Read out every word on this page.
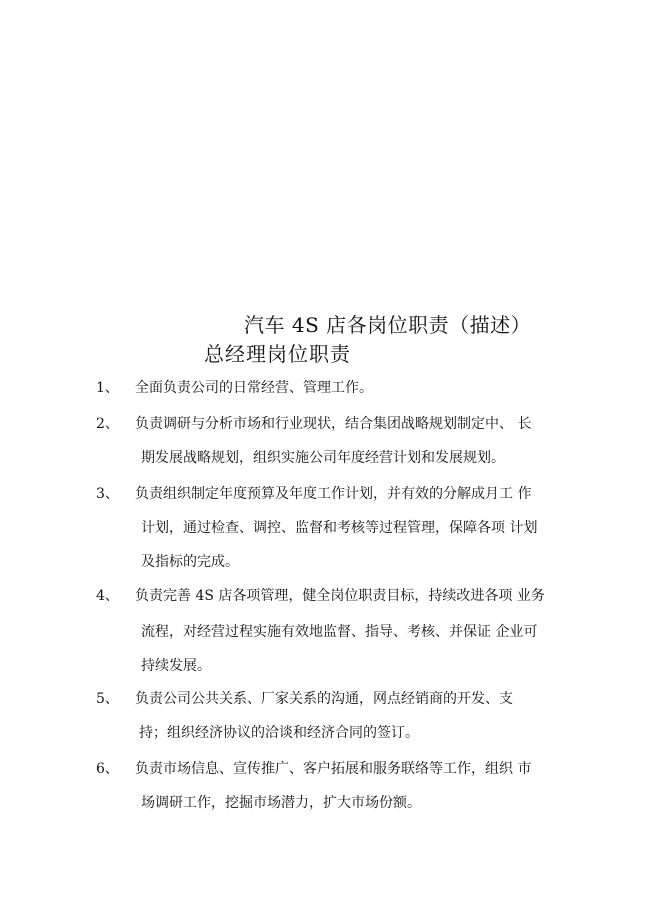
汽车 4S 店各岗位职责（描述）
总经理岗位职责
1、 全面负责公司的日常经营、管理工作。
2、 负责调研与分析市场和行业现状，结合集团战略规划制定中、 长
期发展战略规划，组织实施公司年度经营计划和发展规划。
3、 负责组织制定年度预算及年度工作计划，并有效的分解成月工 作
计划，通过检查、调控、监督和考核等过程管理，保障各项 计划
及指标的完成。
4、 负责完善 4S 店各项管理，健全岗位职责目标，持续改进各项 业务
流程，对经营过程实施有效地监督、指导、考核、并保证 企业可
持续发展。
5、 负责公司公共关系、厂家关系的沟通，网点经销商的开发、支
持；组织经济协议的洽谈和经济合同的签订。
6、 负责市场信息、宣传推广、客户拓展和服务联络等工作，组织 市
场调研工作，挖掘市场潜力，扩大市场份额。
